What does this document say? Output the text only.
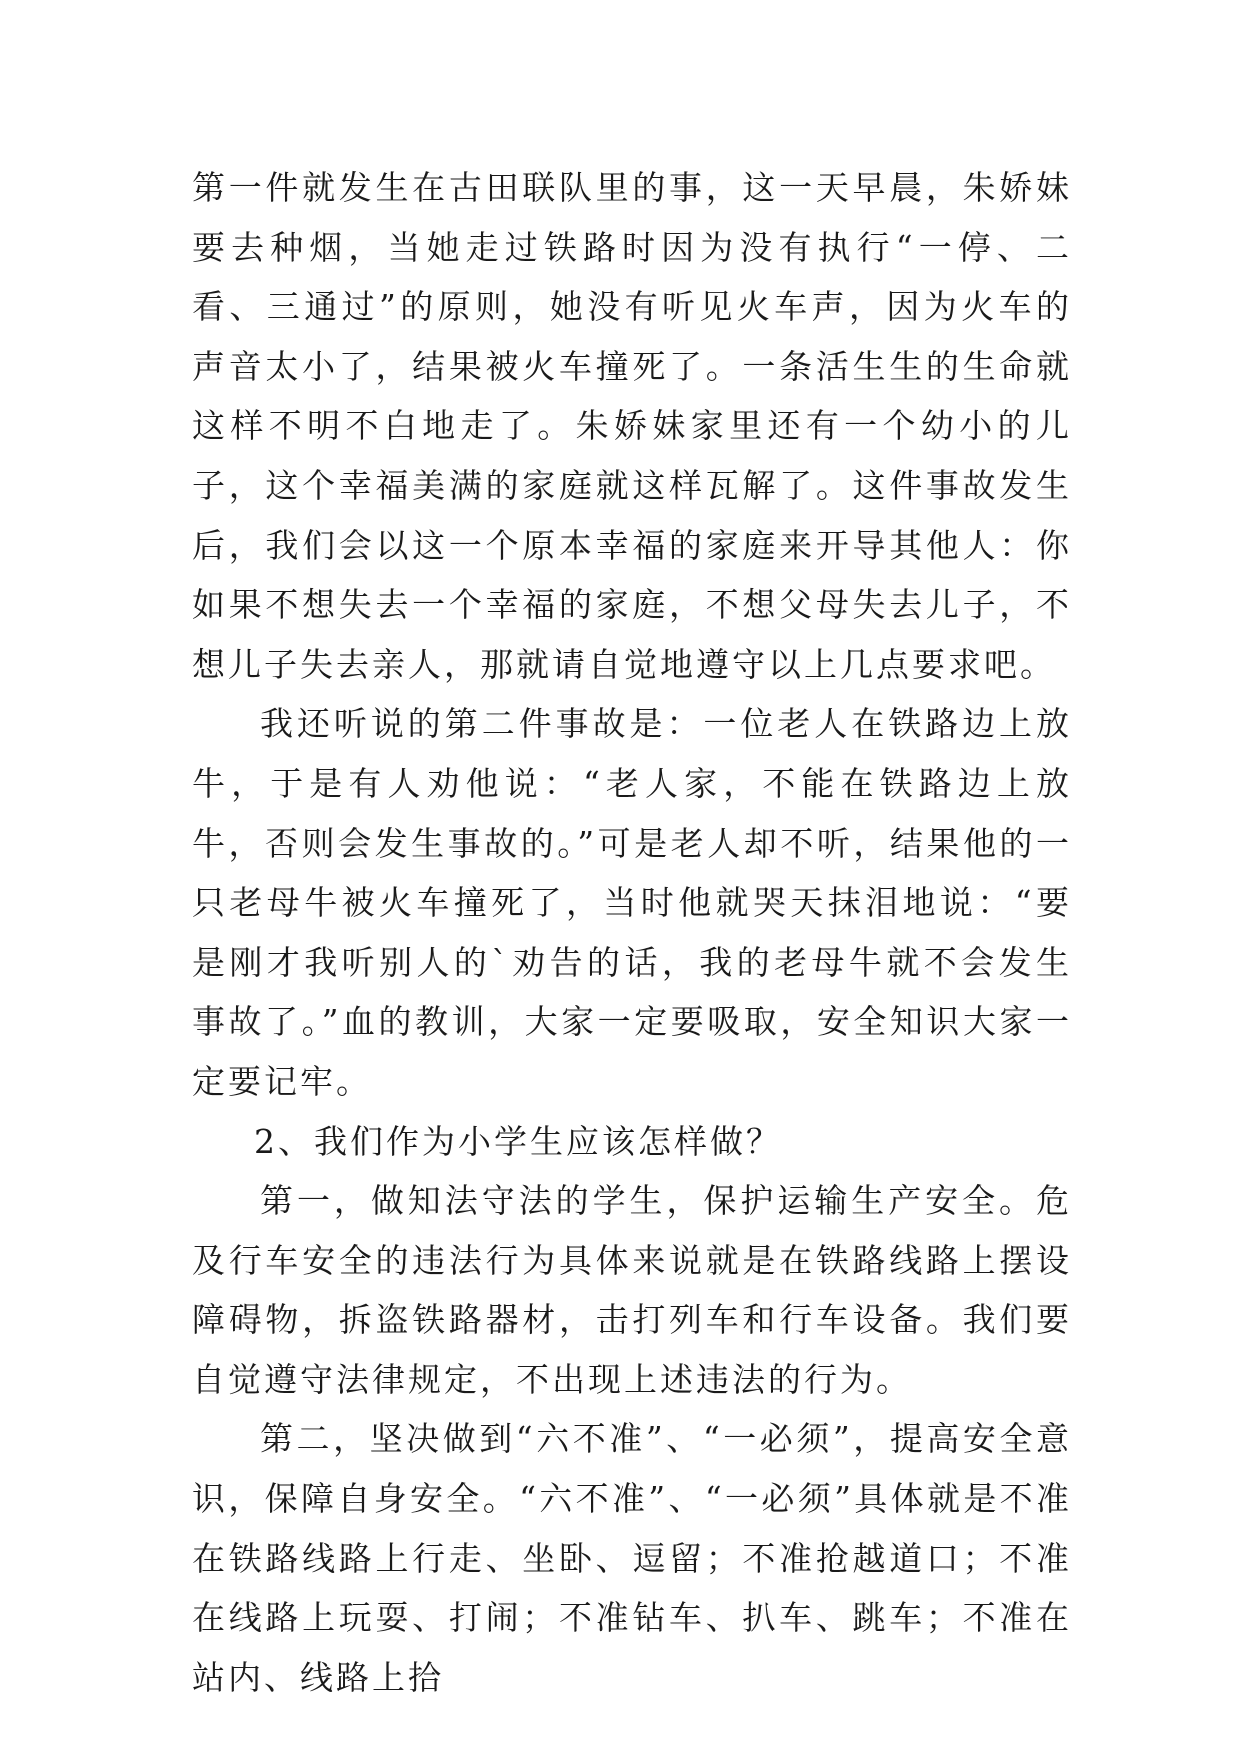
第一件就发生在古田联队里的事，这一天早晨，朱娇妹要去种烟，当她走过铁路时因为没有执行“一停、二看、三通过”的原则，她没有听见火车声，因为火车的声音太小了，结果被火车撞死了。一条活生生的生命就这样不明不白地走了。朱娇妹家里还有一个幼小的儿子，这个幸福美满的家庭就这样瓦解了。这件事故发生后，我们会以这一个原本幸福的家庭来开导其他人：你如果不想失去一个幸福的家庭，不想父母失去儿子，不想儿子失去亲人，那就请自觉地遵守以上几点要求吧。

我还听说的第二件事故是：一位老人在铁路边上放牛，于是有人劝他说：“老人家，不能在铁路边上放牛，否则会发生事故的。”可是老人却不听，结果他的一只老母牛被火车撞死了，当时他就哭天抹泪地说：“要是刚才我听别人的`劝告的话，我的老母牛就不会发生事故了。”血的教训，大家一定要吸取，安全知识大家一定要记牢。

2、我们作为小学生应该怎样做？

第一，做知法守法的学生，保护运输生产安全。危及行车安全的违法行为具体来说就是在铁路线路上摆设障碍物，拆盗铁路器材，击打列车和行车设备。我们要自觉遵守法律规定，不出现上述违法的行为。

第二，坚决做到“六不准”、“一必须”，提高安全意识，保障自身安全。“六不准”、“一必须”具体就是不准在铁路线路上行走、坐卧、逗留；不准抢越道口；不准在线路上玩耍、打闹；不准钻车、扒车、跳车；不准在站内、线路上拾
